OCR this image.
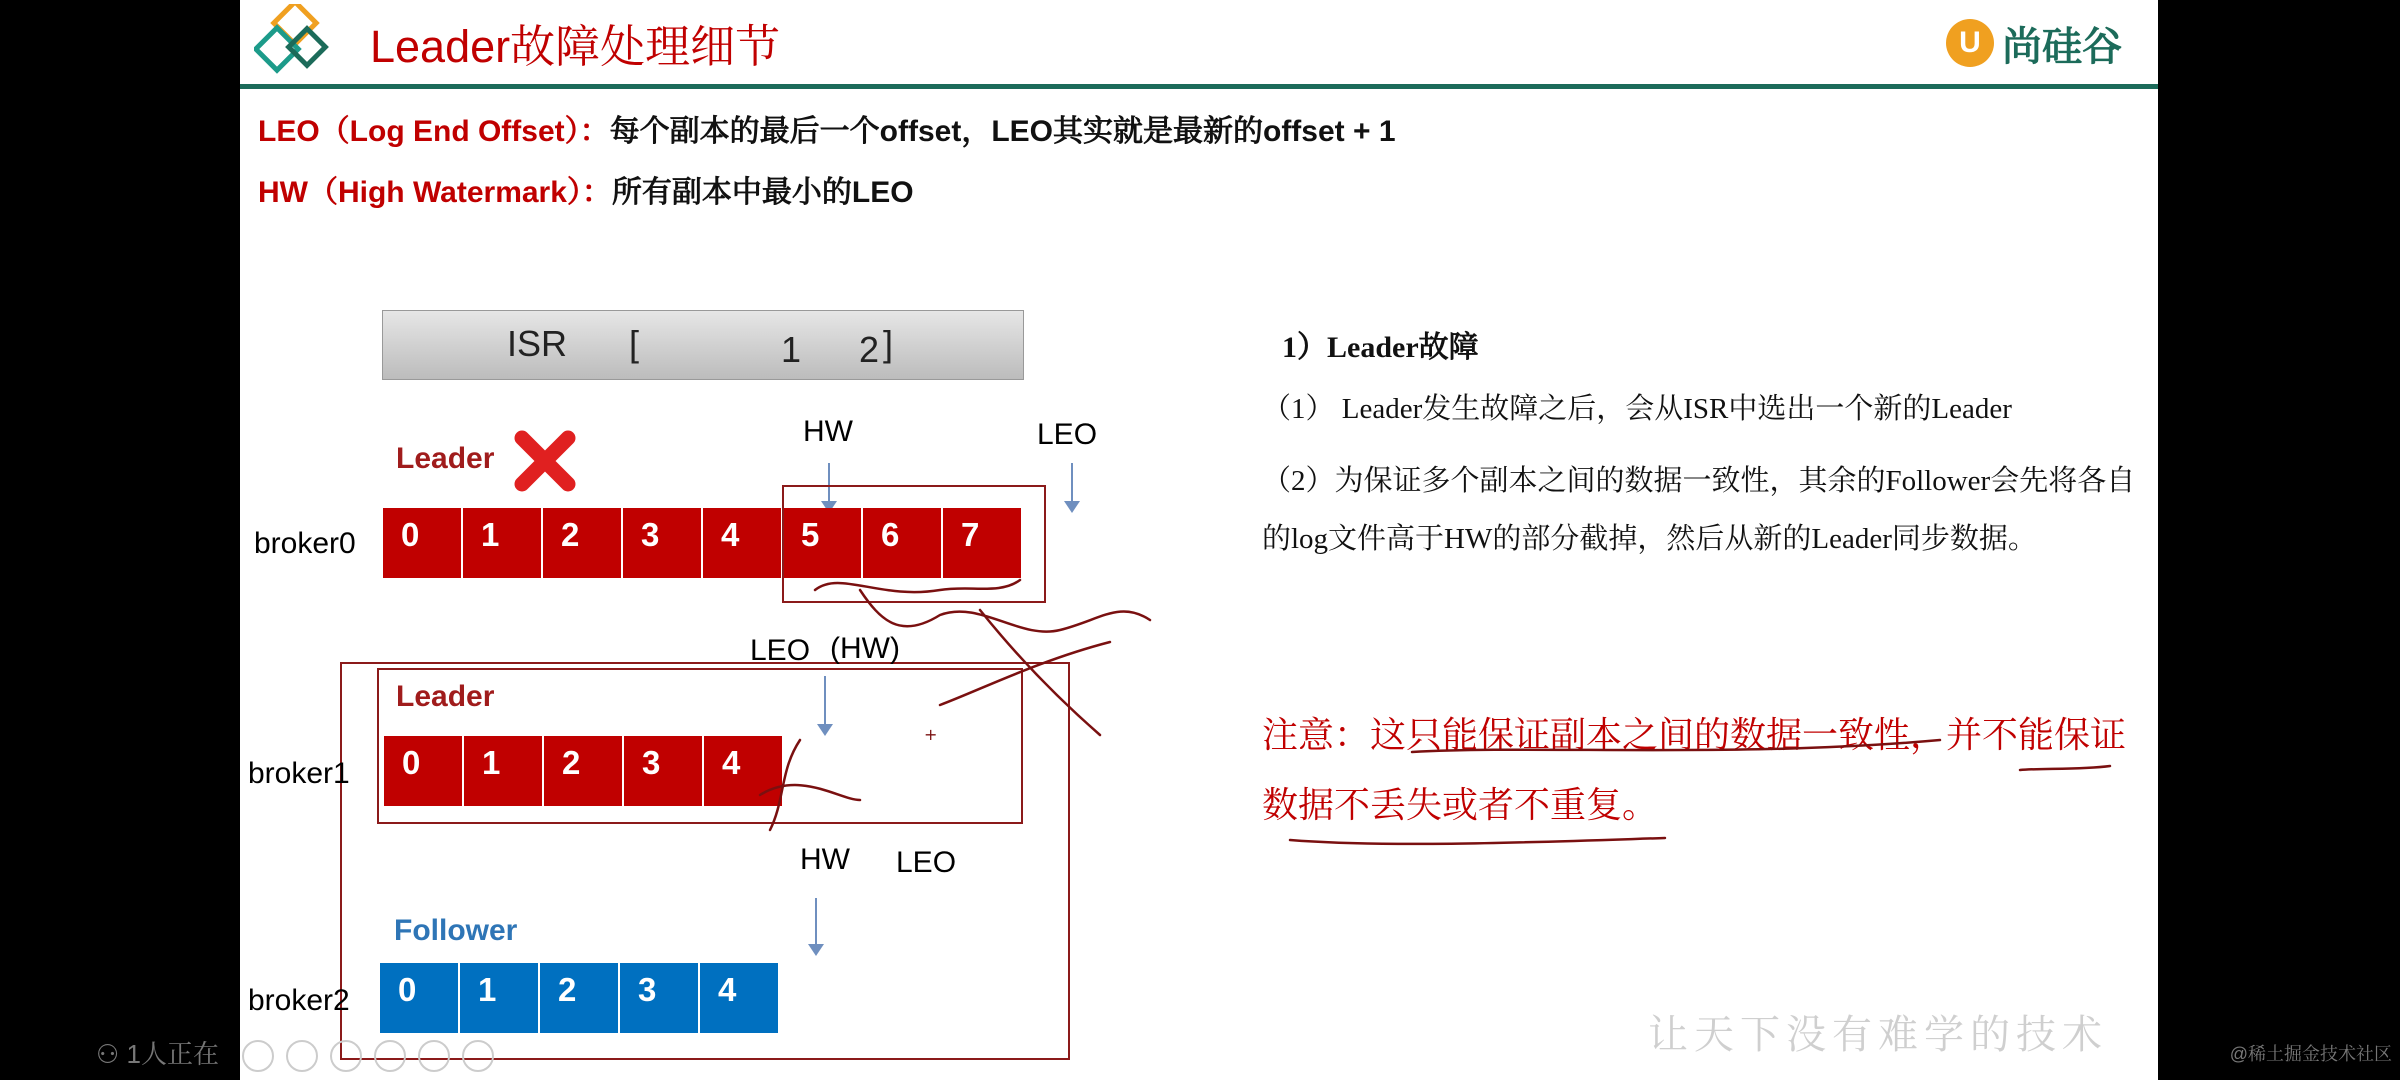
Leader故障处理细节	U 尚硅谷
LEO（Log End Offset）：每个副本的最后一个offset，LEO其实就是最新的offset + 1
HW（High Watermark）：所有副本中最小的LEO
ISR [	1 2 ]
Leader
HW	LEO
broker0	0	1	2	3	4	5	6	7
LEO (HW)
Leader
broker1	0	1	2	3	4
HW LEO
Follower
broker2	0	1	2	3	4
1）Leader故障
（1） Leader发生故障之后，会从ISR中选出一个新的Leader
（2）为保证多个副本之间的数据一致性，其余的Follower会先将各自的log文件高于HW的部分截掉，然后从新的Leader同步数据。
注意：这只能保证副本之间的数据一致性，并不能保证数据不丢失或者不重复。
+
让天下没有难学的技术
⚇ 1人正在	@稀土掘金技术社区
